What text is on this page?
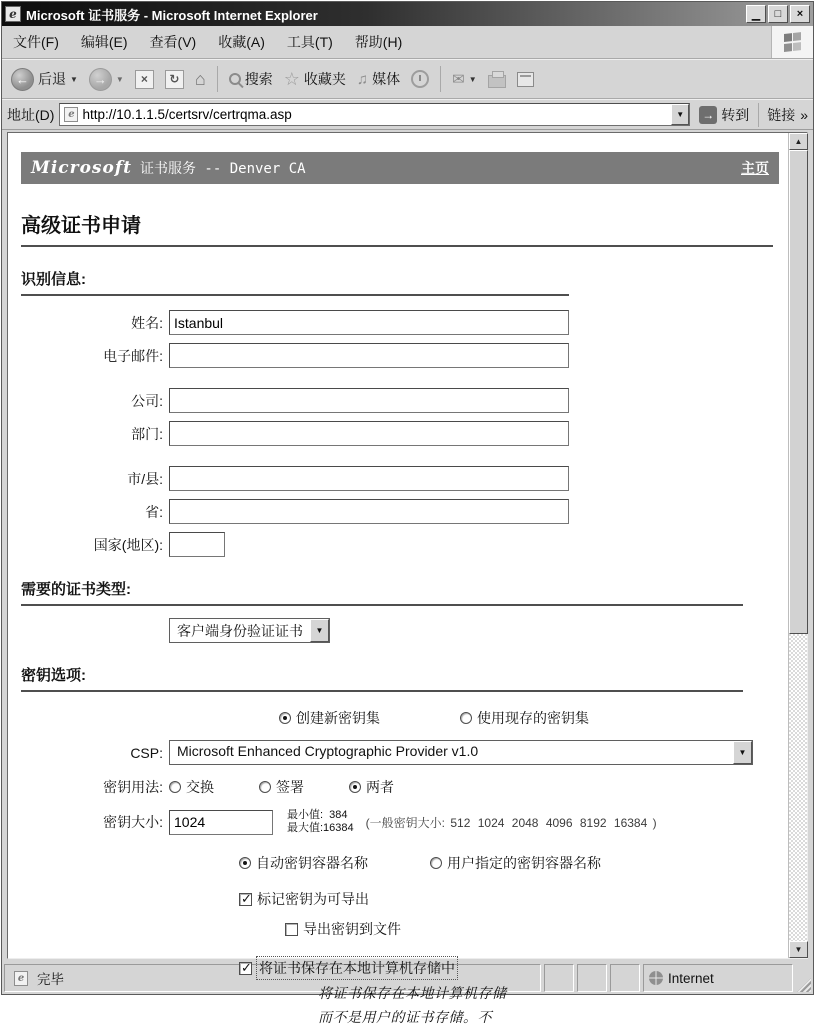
e Microsoft 证书服务 - Microsoft Internet Explorer	▁	□	×
文件(F)	编辑(E)	查看(V)	收藏(A)	工具(T)	帮助(H)
← 后退 ▼	→	▼	×	↻ ⌂	搜索 ☆ 收藏夹 ♫ 媒体	✉ ▼
地址(D)	e
http://10.1.1.5/certsrv/certrqma.asp	▼	→ 转到 链接 »
Microsoft 证书服务 -- Denver CA	主页
高级证书申请
识别信息:
姓名:
Istanbul
电子邮件:
公司:
部门:
市/县:
省:
国家(地区):
需要的证书类型:
客户端身份验证证书	▼
密钥选项:
创建新密钥集	使用现存的密钥集
CSP:	Microsoft Enhanced Cryptographic Provider v1.0	▼
密钥用法:	交换	签署	两者
密钥大小:
1024	最小值:  384
最大值:16384 (一般密钥大小: 512 1024 2048 4096 8192 16384 )
自动密钥容器名称	用户指定的密钥容器名称
✓
标记密钥为可导出
导出密钥到文件
✓
将证书保存在本地计算机存储中
将证书保存在本地计算机存储
而不是用户的证书存储。不
▲
▼
e 完毕	Internet
